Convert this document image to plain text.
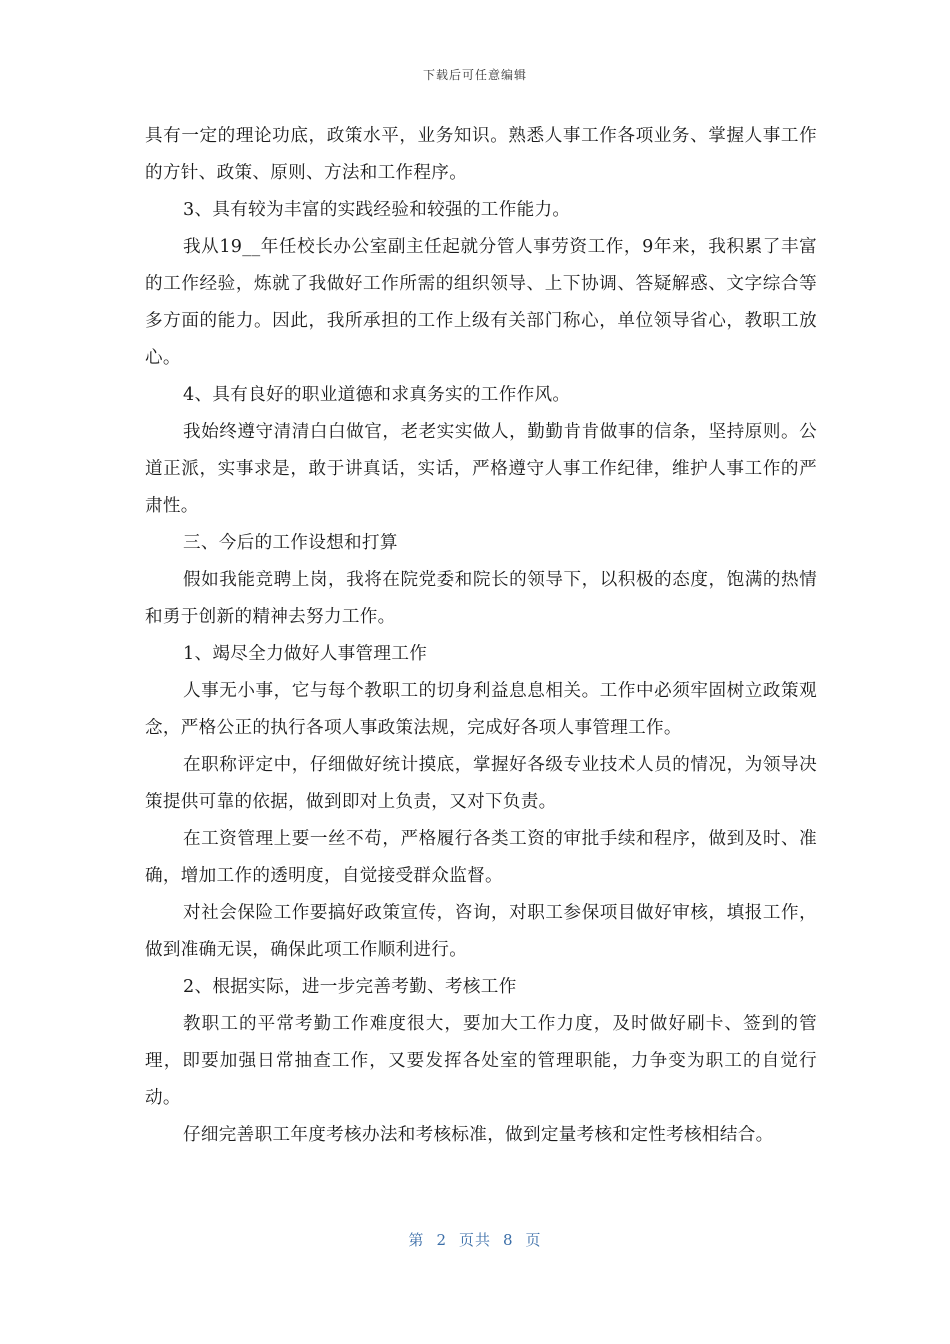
下载后可任意编辑

具有一定的理论功底，政策水平，业务知识。熟悉人事工作各项业务、掌握人事工作的方针、政策、原则、方法和工作程序。

3、具有较为丰富的实践经验和较强的工作能力。

我从19__年任校长办公室副主任起就分管人事劳资工作，9年来，我积累了丰富的工作经验，炼就了我做好工作所需的组织领导、上下协调、答疑解惑、文字综合等多方面的能力。因此，我所承担的工作上级有关部门称心，单位领导省心，教职工放心。

4、具有良好的职业道德和求真务实的工作作风。

我始终遵守清清白白做官，老老实实做人，勤勤肯肯做事的信条，坚持原则。公道正派，实事求是，敢于讲真话，实话，严格遵守人事工作纪律，维护人事工作的严肃性。

三、今后的工作设想和打算

假如我能竞聘上岗，我将在院党委和院长的领导下，以积极的态度，饱满的热情和勇于创新的精神去努力工作。

1、竭尽全力做好人事管理工作

人事无小事，它与每个教职工的切身利益息息相关。工作中必须牢固树立政策观念，严格公正的执行各项人事政策法规，完成好各项人事管理工作。

在职称评定中，仔细做好统计摸底，掌握好各级专业技术人员的情况，为领导决策提供可靠的依据，做到即对上负责，又对下负责。

在工资管理上要一丝不苟，严格履行各类工资的审批手续和程序，做到及时、准确，增加工作的透明度，自觉接受群众监督。

对社会保险工作要搞好政策宣传，咨询，对职工参保项目做好审核，填报工作，做到准确无误，确保此项工作顺利进行。

2、根据实际，进一步完善考勤、考核工作

教职工的平常考勤工作难度很大，要加大工作力度，及时做好刷卡、签到的管理，即要加强日常抽查工作，又要发挥各处室的管理职能，力争变为职工的自觉行动。

仔细完善职工年度考核办法和考核标准，做到定量考核和定性考核相结合。

第 2 页共 8 页
